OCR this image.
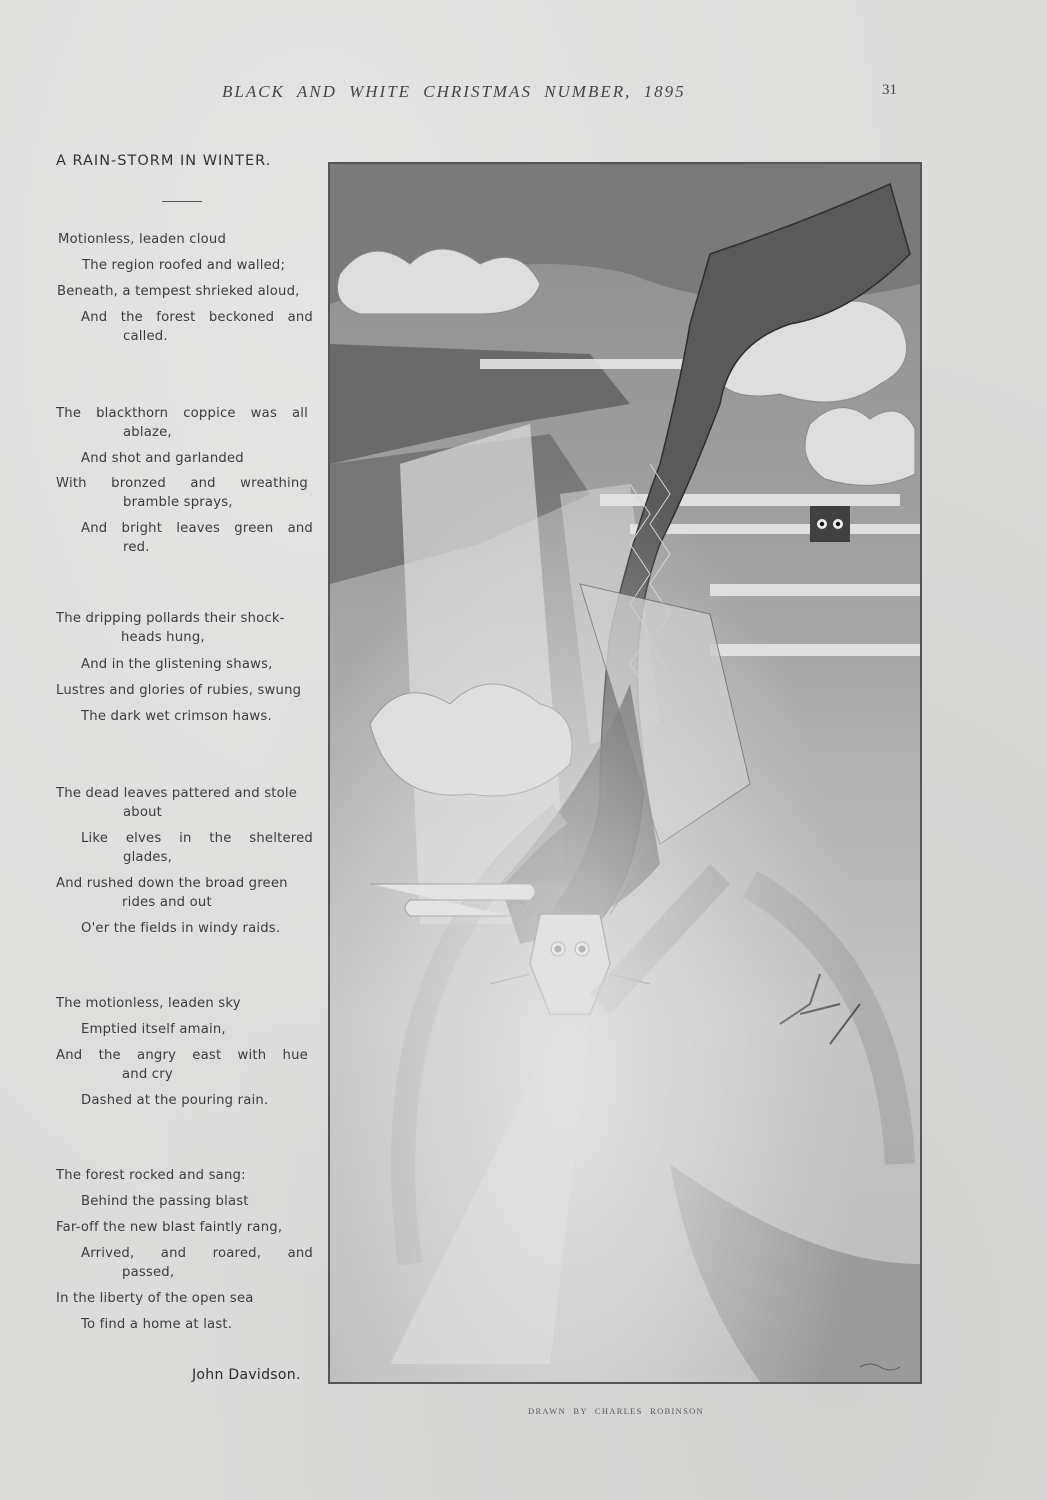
BLACK AND WHITE CHRISTMAS NUMBER, 1895	31
A RAIN-STORM IN WINTER.
Motionless, leaden cloud
The region roofed and walled;
Beneath, a tempest shrieked aloud,
And the forest beckoned and
called.
The blackthorn coppice was all
ablaze,
And shot and garlanded
With bronzed and wreathing
bramble sprays,
And bright leaves green and
red.
The dripping pollards their shock-
heads hung,
And in the glistening shaws,
Lustres and glories of rubies, swung
The dark wet crimson haws.
The dead leaves pattered and stole
about
Like elves in the sheltered
glades,
And rushed down the broad green
rides and out
O'er the fields in windy raids.
The motionless, leaden sky
Emptied itself amain,
And the angry east with hue
and cry
Dashed at the pouring rain.
The forest rocked and sang:
Behind the passing blast
Far-off the new blast faintly rang,
Arrived, and roared, and
passed,
In the liberty of the open sea
To find a home at last.
John Davidson.
DRAWN BY CHARLES ROBINSON
